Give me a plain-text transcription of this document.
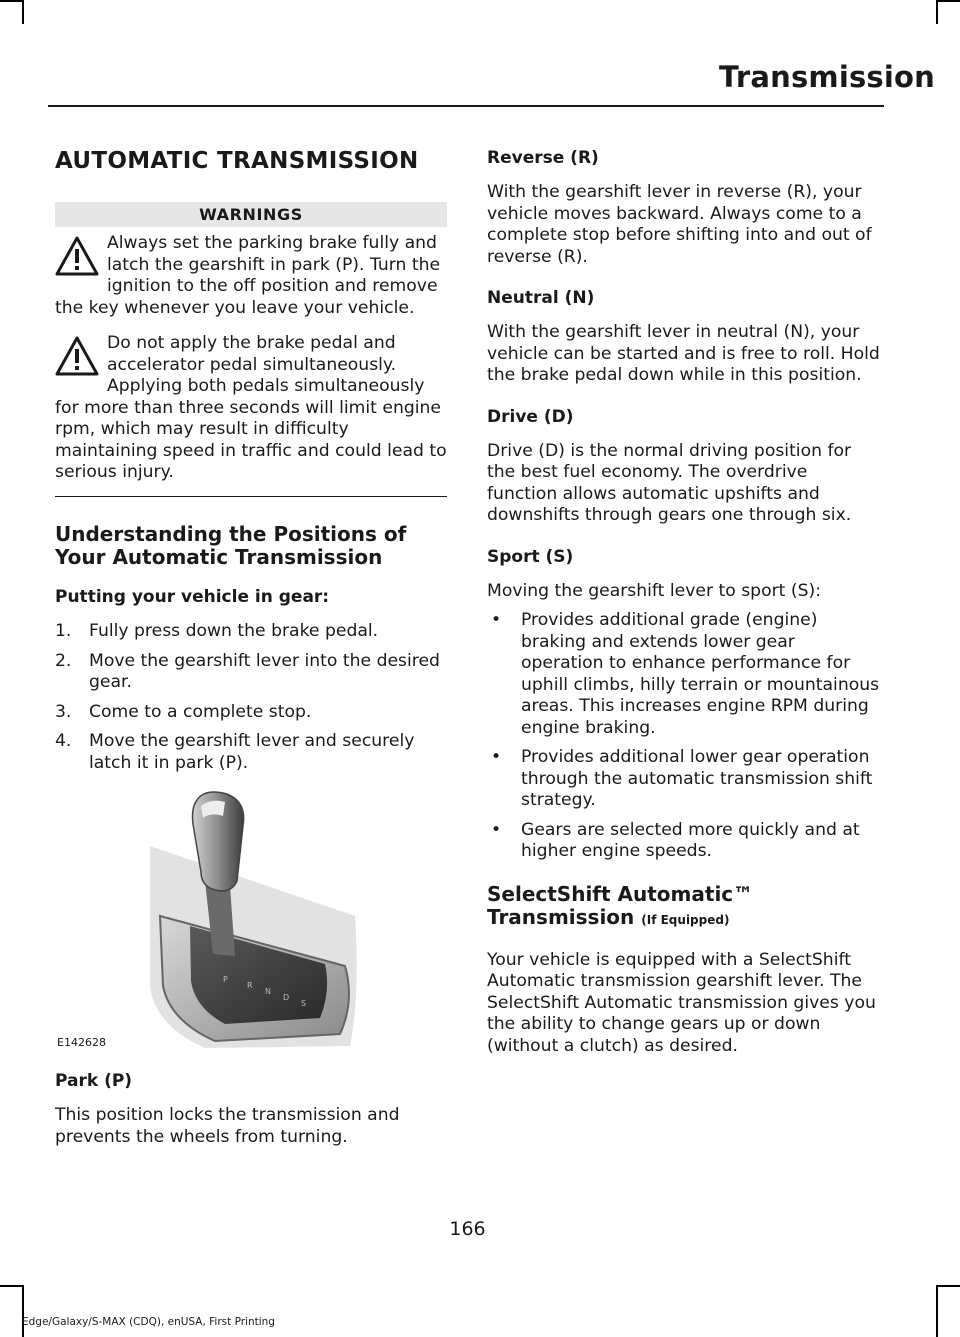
Transmission
AUTOMATIC TRANSMISSION
WARNINGS
Always set the parking brake fully and latch the gearshift in park (P). Turn the ignition to the off position and remove the key whenever you leave your vehicle.
Do not apply the brake pedal and accelerator pedal simultaneously. Applying both pedals simultaneously for more than three seconds will limit engine rpm, which may result in difficulty maintaining speed in traffic and could lead to serious injury.
Understanding the Positions of Your Automatic Transmission
Putting your vehicle in gear:
1. Fully press down the brake pedal.
2. Move the gearshift lever into the desired gear.
3. Come to a complete stop.
4. Move the gearshift lever and securely latch it in park (P).
P
R
N
D
S
E142628
Park (P)

This position locks the transmission and prevents the wheels from turning.

Reverse (R)

With the gearshift lever in reverse (R), your vehicle moves backward. Always come to a complete stop before shifting into and out of reverse (R).

Neutral (N)

With the gearshift lever in neutral (N), your vehicle can be started and is free to roll. Hold the brake pedal down while in this position.

Drive (D)

Drive (D) is the normal driving position for the best fuel economy. The overdrive function allows automatic upshifts and downshifts through gears one through six.

Sport (S)

Moving the gearshift lever to sport (S):

• Provides additional grade (engine) braking and extends lower gear operation to enhance performance for uphill climbs, hilly terrain or mountainous areas. This increases engine RPM during engine braking.
• Provides additional lower gear operation through the automatic transmission shift strategy.
• Gears are selected more quickly and at higher engine speeds.
SelectShift Automatic™ Transmission (If Equipped)

Your vehicle is equipped with a SelectShift Automatic transmission gearshift lever. The SelectShift Automatic transmission gives you the ability to change gears up or down (without a clutch) as desired.

166
Edge/Galaxy/S-MAX (CDQ), enUSA, First Printing
